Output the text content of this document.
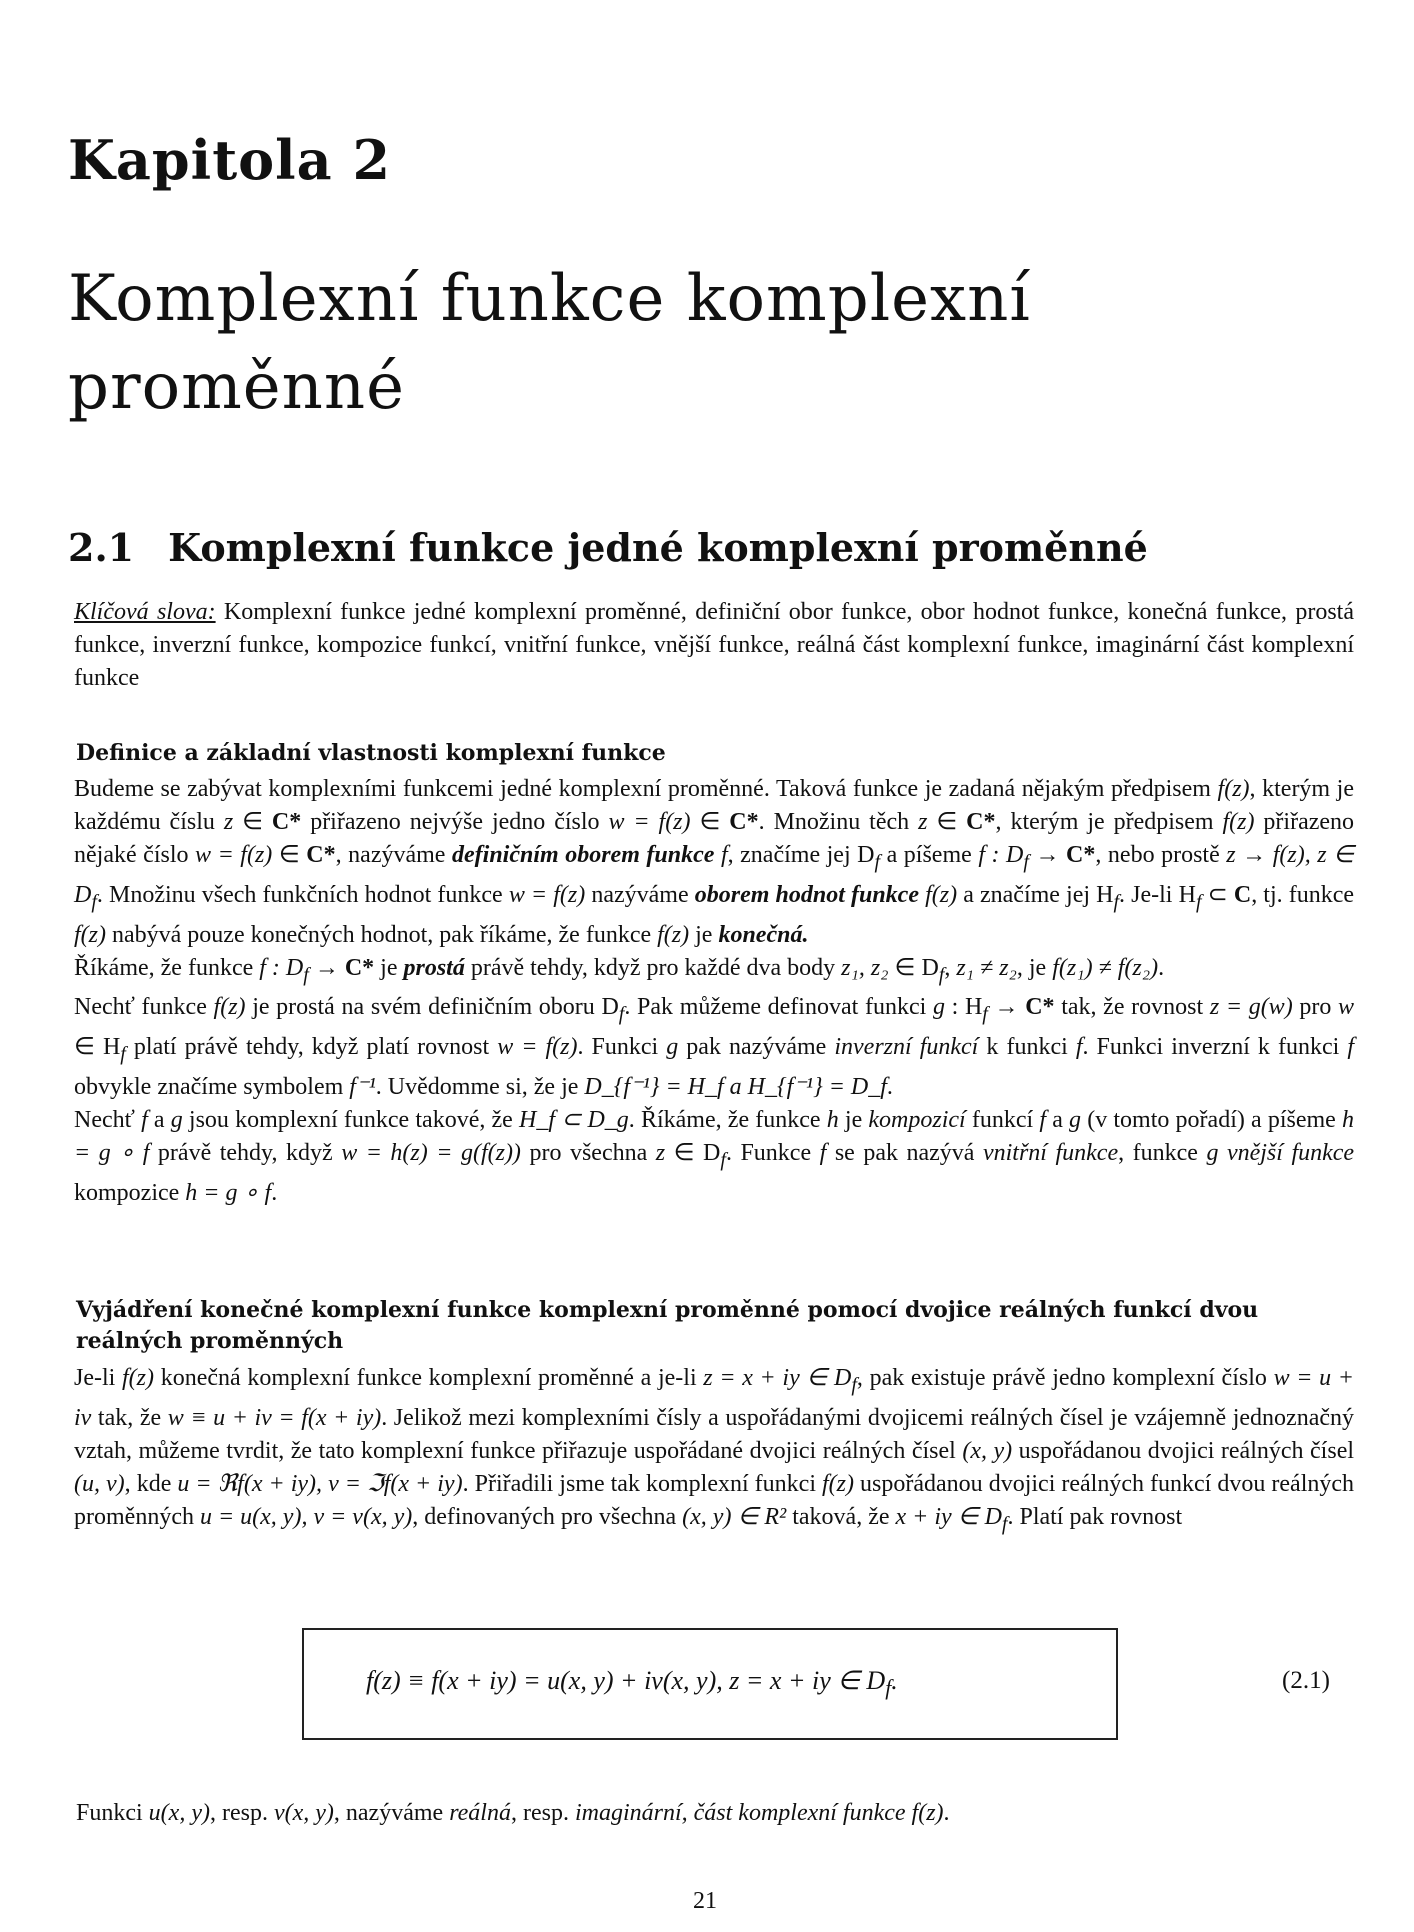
Kapitola 2
Komplexní funkce komplexní proměnné
2.1 Komplexní funkce jedné komplexní proměnné

Klíčová slova: Komplexní funkce jedné komplexní proměnné, definiční obor funkce, obor hodnot funkce, konečná funkce, prostá funkce, inverzní funkce, kompozice funkcí, vnitřní funkce, vnější funkce, reálná část komplexní funkce, imaginární část komplexní funkce

Definice a základní vlastnosti komplexní funkce

Budeme se zabývat komplexními funkcemi jedné komplexní proměnné. Taková funkce je zadaná nějakým předpisem f(z), kterým je každému číslu z ∈ C* přiřazeno nejvýše jedno číslo w = f(z) ∈ C*. Množinu těch z ∈ C*, kterým je předpisem f(z) přiřazeno nějaké číslo w = f(z) ∈ C*, nazýváme definičním oborem funkce f, značíme jej $D_f$ a píšeme f : $D_f \to C*$, nebo prostě z → f(z), z ∈ $D_f$. Množinu všech funkčních hodnot funkce w = f(z) nazýváme oborem hodnot funkce f(z) a značíme jej $H_f$. Je-li $H_f$ ⊂ C, tj. funkce f(z) nabývá pouze konečných hodnot, pak říkáme, že funkce f(z) je konečná.
Říkáme, že funkce f : $D_f \to C*$ je prostá právě tehdy, když pro každé dva body z₁, z₂ ∈ $D_f$, z₁ ≠ z₂, je f(z₁) ≠ f(z₂).
Nechť funkce f(z) je prostá na svém definičním oboru $D_f$. Pak můžeme definovat funkci g : $H_f \to C*$ tak, že rovnost z = g(w) pro w ∈ $H_f$ platí právě tehdy, když platí rovnost w = f(z). Funkci g pak nazýváme inverzní funkcí k funkci f. Funkci inverzní k funkci f obvykle značíme symbolem f⁻¹. Uvědomme si, že je D_{f⁻¹} = H_f a H_{f⁻¹} = D_f.
Nechť f a g jsou komplexní funkce takové, že H_f ⊂ D_g. Říkáme, že funkce h je kompozicí funkcí f a g (v tomto pořadí) a píšeme h = g ∘ f právě tehdy, když w = h(z) = g(f(z)) pro všechna z ∈ $D_f$. Funkce f se pak nazývá vnitřní funkce, funkce g vnější funkce kompozice h = g ∘ f.

Vyjádření konečné komplexní funkce komplexní proměnné pomocí dvojice reálných funkcí dvou reálných proměnných

Je-li f(z) konečná komplexní funkce komplexní proměnné a je-li z = x + iy ∈ $D_f$, pak existuje právě jedno komplexní číslo w = u + iv tak, že w ≡ u + iv = f(x + iy). Jelikož mezi komplexními čísly a uspořádanými dvojicemi reálných čísel je vzájemně jednoznačný vztah, můžeme tvrdit, že tato komplexní funkce přiřazuje uspořádané dvojici reálných čísel (x, y) uspořádanou dvojici reálných čísel (u, v), kde u = ℜf(x + iy), v = ℑf(x + iy). Přiřadili jsme tak komplexní funkci f(z) uspořádanou dvojici reálných funkcí dvou reálných proměnných u = u(x, y), v = v(x, y), definovaných pro všechna (x, y) ∈ R² taková, že x + iy ∈ $D_f$. Platí pak rovnost

f(z) ≡ f(x + iy) = u(x, y) + iv(x, y), z = x + iy ∈ $D_f$.	(2.1)

Funkci u(x, y), resp. v(x, y), nazýváme reálná, resp. imaginární, část komplexní funkce f(z).

21
